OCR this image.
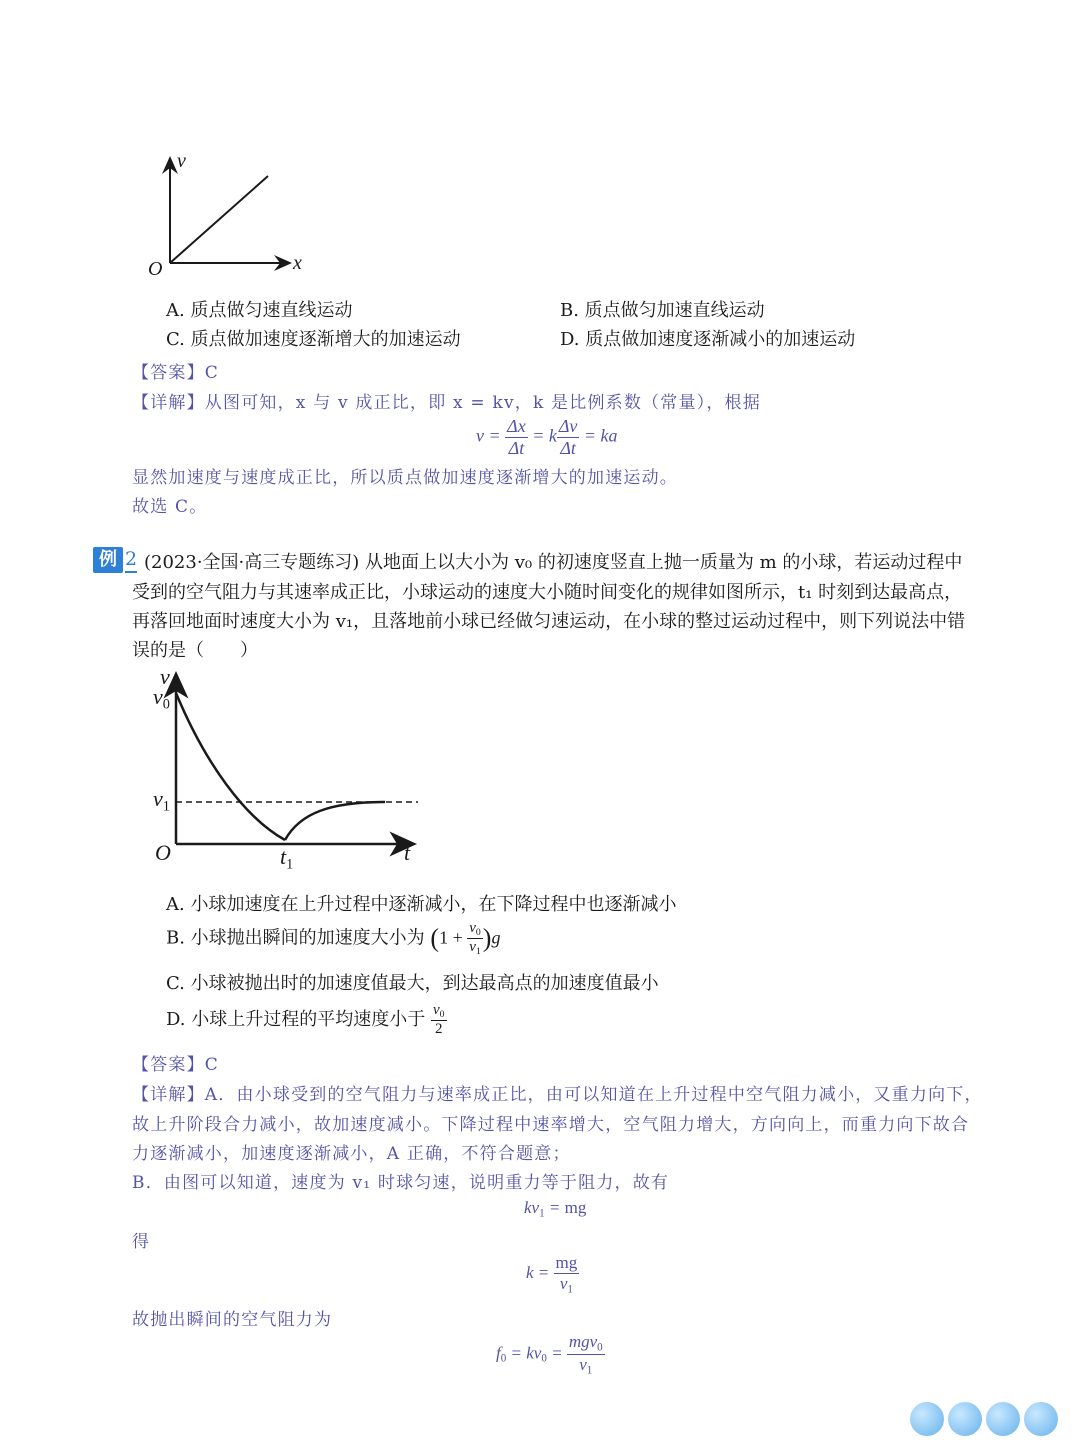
v
x
O
A. 质点做匀速直线运动	B. 质点做匀加速直线运动
C. 质点做加速度逐渐增大的加速运动	D. 质点做加速度逐渐减小的加速运动
【答案】C
【详解】从图可知，x 与 v 成正比，即 x = kv，k 是比例系数（常量），根据
$v = \frac{\Delta x}{\Delta t} = k \frac{\Delta v}{\Delta t}$ = ka
显然加速度与速度成正比，所以质点做加速度逐渐增大的加速运动。
故选 C。
例 2 (2023·全国·高三专题练习) 从地面上以大小为 v₀ 的初速度竖直上抛一质量为 m 的小球，若运动过程中
受到的空气阻力与其速率成正比，小球运动的速度大小随时间变化的规律如图所示，t₁ 时刻到达最高点，
再落回地面时速度大小为 v₁，且落地前小球已经做匀速运动，在小球的整过运动过程中，则下列说法中错
误的是（　　）
v
$v_0$
$v_1$
O	$t_1$	t
A. 小球加速度在上升过程中逐渐减小，在下降过程中也逐渐减小
B. 小球抛出瞬间的加速度大小为 $(1 + \frac{v_0}{v_1} )g$
C. 小球被抛出时的加速度值最大，到达最高点的加速度值最小
D. 小球上升过程的平均速度小于 $\frac{v_0}{2}$
【答案】C
【详解】A．由小球受到的空气阻力与速率成正比，由可以知道在上升过程中空气阻力减小，又重力向下，
故上升阶段合力减小，故加速度减小。下降过程中速率增大，空气阻力增大，方向向上，而重力向下故合
力逐渐减小，加速度逐渐减小，A 正确，不符合题意；
B．由图可以知道，速度为 v₁ 时球匀速，说明重力等于阻力，故有
$kv_1$ = mg
得
$k = \frac{mg}{v_1}$
故抛出瞬间的空气阻力为
$f_0 = kv_0 = \frac{mgv_0}{v_1}$
